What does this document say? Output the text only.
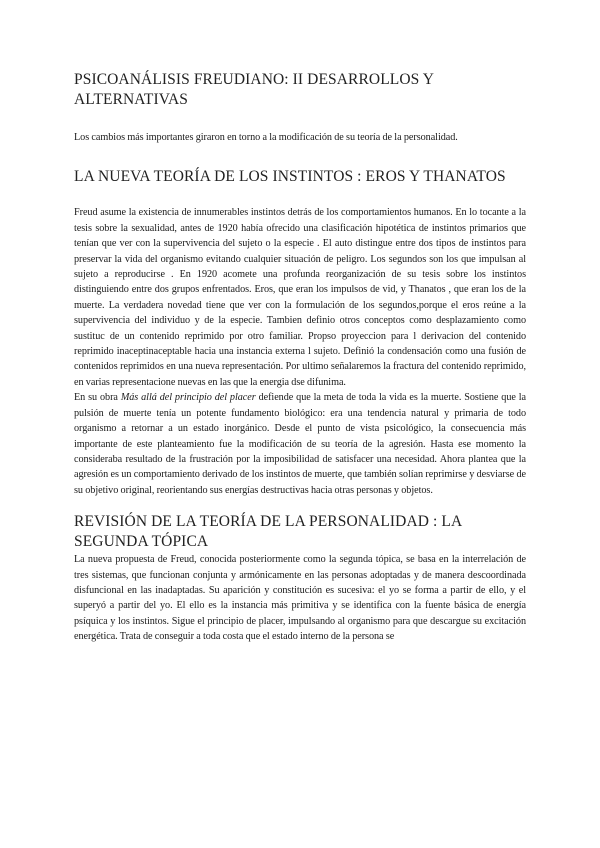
PSICOANÁLISIS FREUDIANO: II DESARROLLOS Y ALTERNATIVAS

Los cambios más importantes giraron en torno a la modificación de su teoría de la personalidad.

LA NUEVA TEORÍA DE LOS INSTINTOS : EROS Y THANATOS

Freud asume la existencia de innumerables instintos detrás de los comportamientos humanos. En lo tocante a la tesis sobre la sexualidad, antes de 1920 había ofrecido una clasificación hipotética de instintos primarios que tenían que ver con la supervivencia del sujeto o la especie . El auto distingue entre dos tipos de instintos para preservar la vida del organismo evitando cualquier situación de peligro. Los segundos son los que impulsan al sujeto a reproducirse . En 1920 acomete una profunda reorganización de su tesis sobre los instintos distinguiendo entre dos grupos enfrentados. Eros, que eran los impulsos de vid, y Thanatos , que eran los de la muerte. La verdadera novedad tiene que ver con la formulación de los segundos,porque el eros reúne a la supervivencia del individuo y de la especie. Tambien definio otros conceptos como desplazamiento como sustituc de un contenido reprimido por otro familiar. Propso proyeccion para l derivacion del contenido reprimido inaceptinaceptable hacia una instancia externa l sujeto. Definió la condensación como una fusión de contenidos reprimidos en una nueva representación. Por ultimo señalaremos la fractura del contenido reprimido, en varias representacione nuevas en las que la energia dse difunima.

En su obra Más allá del principio del placer defiende que la meta de toda la vida es la muerte. Sostiene que la pulsión de muerte tenía un potente fundamento biológico: era una tendencia natural y primaria de todo organismo a retornar a un estado inorgánico. Desde el punto de vista psicológico, la consecuencia más importante de este planteamiento fue la modificación de su teoría de la agresión. Hasta ese momento la consideraba resultado de la frustración por la imposibilidad de satisfacer una necesidad. Ahora plantea que la agresión es un comportamiento derivado de los instintos de muerte, que también solían reprimirse y desviarse de su objetivo original, reorientando sus energías destructivas hacia otras personas y objetos.

REVISIÓN DE LA TEORÍA DE LA PERSONALIDAD : LA SEGUNDA TÓPICA

La nueva propuesta de Freud, conocida posteriormente como la segunda tópica, se basa en la interrelación de tres sistemas, que funcionan conjunta y armónicamente en las personas adoptadas y de manera descoordinada disfuncional en las inadaptadas. Su aparición y constitución es sucesiva: el yo se forma a partir de ello, y el superyó a partir del yo. El ello es la instancia más primitiva y se identifica con la fuente básica de energía psíquica y los instintos. Sigue el principio de placer, impulsando al organismo para que descargue su excitación energética. Trata de conseguir a toda costa que el estado interno de la persona se
